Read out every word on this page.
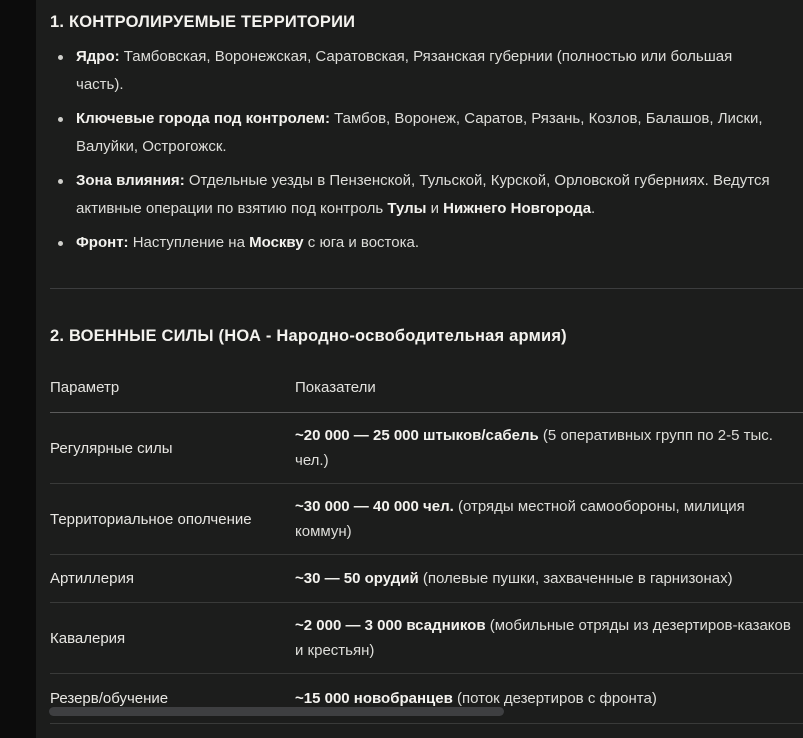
1. КОНТРОЛИРУЕМЫЕ ТЕРРИТОРИИ
Ядро: Тамбовская, Воронежская, Саратовская, Рязанская губернии (полностью или большая часть).
Ключевые города под контролем: Тамбов, Воронеж, Саратов, Рязань, Козлов, Балашов, Лиски, Валуйки, Острогожск.
Зона влияния: Отдельные уезды в Пензенской, Тульской, Курской, Орловской губерниях. Ведутся активные операции по взятию под контроль Тулы и Нижнего Новгорода.
Фронт: Наступление на Москву с юга и востока.
2. ВОЕННЫЕ СИЛЫ (НОА - Народно-освободительная армия)
Параметр	Показатели
Регулярные силы	~20 000 — 25 000 штыков/сабель (5 оперативных групп по 2-5 тыс. чел.)
Территориальное ополчение	~30 000 — 40 000 чел. (отряды местной самообороны, милиция коммун)
Артиллерия	~30 — 50 орудий (полевые пушки, захваченные в гарнизонах)
Кавалерия	~2 000 — 3 000 всадников (мобильные отряды из дезертиров-казаков и крестьян)
Резерв/обучение	~15 000 новобранцев (поток дезертиров с фронта)
